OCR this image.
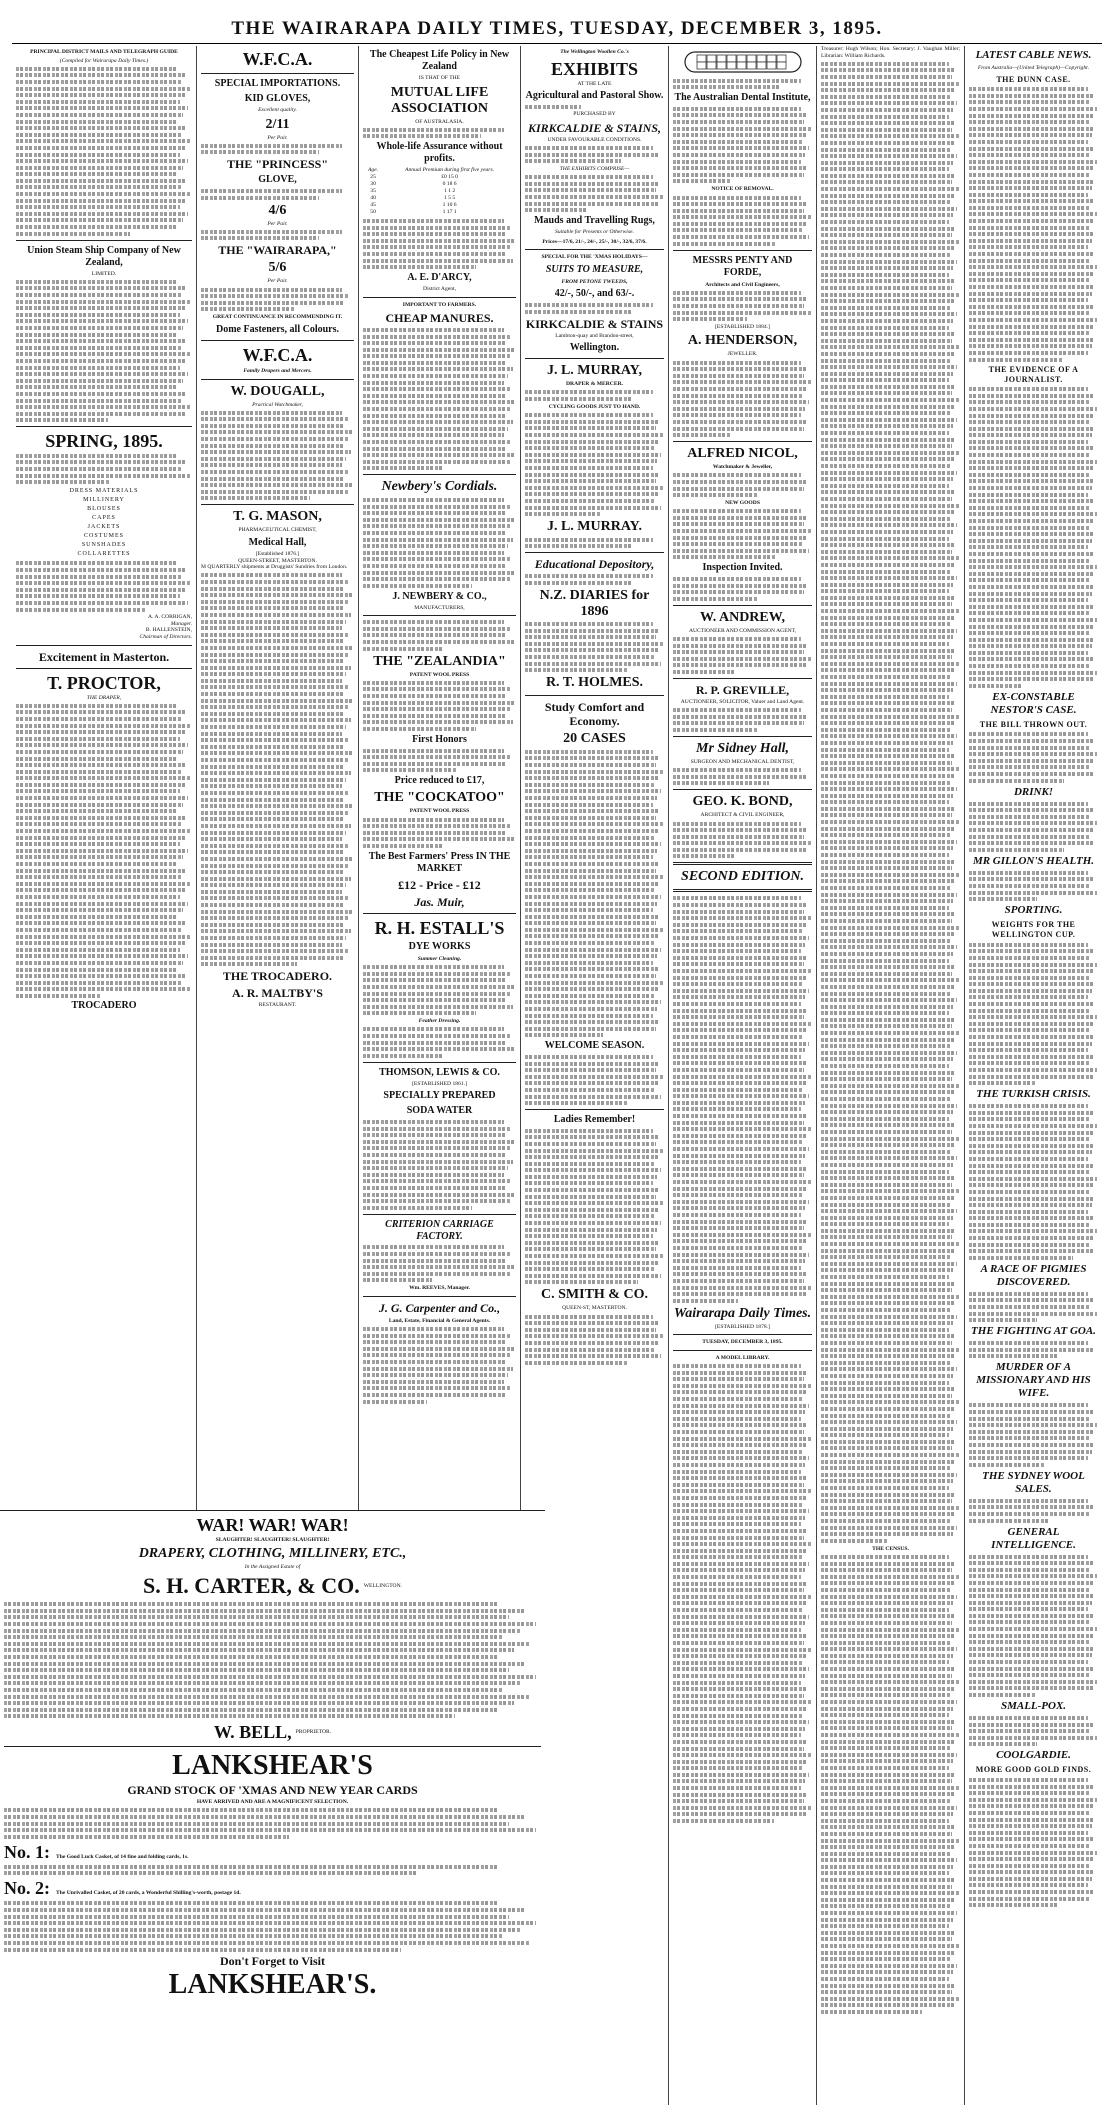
THE WAIRARAPA DAILY TIMES, TUESDAY, DECEMBER 3, 1895.
PRINCIPAL DISTRICT MAILS AND TELEGRAPH GUIDE
(Compiled for Wairarapa Daily Times.)
Union Steam Ship Company of New Zealand,
LIMITED.
SPRING, 1895.
DRESS MATERIALS
MILLINERY
BLOUSES
CAPES
JACKETS
COSTUMES
SUNSHADES
COLLARETTES
A. A. CORRIGAN,
Manager.
B. HALLENSTEIN,
Chairman of Directors.
Excitement in Masterton.
T. PROCTOR,
THE DRAPER,
TROCADERO
W.F.C.A.
SPECIAL IMPORTATIONS.
KID GLOVES,
Excellent quality.
2/11
Per Pair.
THE "PRINCESS"
GLOVE,
4/6
Per Pair.
THE "WAIRARAPA,"
5/6
Per Pair.
GREAT CONTINUANCE IN RECOMMENDING IT.
Dome Fasteners, all Colours.
W.F.C.A.
Family Drapers and Mercers.
W. DOUGALL,
Practical Watchmaker,
T. G. MASON,
PHARMACEUTICAL CHEMIST,
Medical Hall,
[Established 1876.]
QUEEN-STREET, MASTERTON.
M QUARTERLY shipments at Druggists' Sundries from London.
THE TROCADERO.
A. R. MALTBY'S
RESTAURANT.
The Cheapest Life Policy in New Zealand
IS THAT OF THE
MUTUAL LIFE ASSOCIATION
OF AUSTRALASIA.
Whole-life Assurance without profits.
Age.	Annual Premium during first five years.
25	£0 15 0
30	0 18 6
35	1 1 2
40	1 5 5
45	1 10 6
50	1 17 1
A. E. D'ARCY,
District Agent,
IMPORTANT TO FARMERS.
CHEAP MANURES.
Newbery's Cordials.
J. NEWBERY & CO.,
MANUFACTURERS,
THE "ZEALANDIA"
PATENT WOOL PRESS
First Honors
Price reduced to £17,
THE "COCKATOO"
PATENT WOOL PRESS
The Best Farmers' Press IN THE MARKET
£12 - Price - £12
Jas. Muir,
R. H. ESTALL'S
DYE WORKS
Summer Cleaning.
Feather Dressing.
THOMSON, LEWIS & CO.
[ESTABLISHED 1861.]
SPECIALLY PREPARED
SODA WATER
CRITERION CARRIAGE FACTORY.
Wm. REEVES, Manager.
J. G. Carpenter and Co.,
Land, Estate, Financial & General Agents.
The Wellington Woollen Co.'s
EXHIBITS
AT THE LATE
Agricultural and Pastoral Show.
PURCHASED BY
KIRKCALDIE & STAINS,
UNDER FAVOURABLE CONDITIONS.
THE EXHIBITS COMPRISE—
Mauds and Travelling Rugs,
Suitable for Presents or Otherwise.
Prices—17/6, 21/-, 24/-, 25/-, 30/-, 32/6, 37/6.
SPECIAL FOR THE 'XMAS HOLIDAYS—
SUITS TO MEASURE,
FROM PETONE TWEEDS,
42/-, 50/-, and 63/-.
KIRKCALDIE & STAINS
Lambton-quay and Brandon-street,
Wellington.
J. L. MURRAY,
DRAPER & MERCER.
CYCLING GOODS JUST TO HAND.
J. L. MURRAY.
Educational Depository,
N.Z. DIARIES for 1896
R. T. HOLMES.
Study Comfort and Economy.
20 CASES
WELCOME SEASON.
Ladies Remember!
C. SMITH & CO.
QUEEN-ST, MASTERTON.
The Australian Dental Institute,
NOTICE OF REMOVAL.
MESSRS PENTY AND FORDE,
Architects and Civil Engineers,
[ESTABLISHED 1884.]
A. HENDERSON,
JEWELLER.
ALFRED NICOL,
Watchmaker & Jeweller,
NEW GOODS
Inspection Invited.
W. ANDREW,
AUCTIONEER AND COMMISSION AGENT,
R. P. GREVILLE,
AUCTIONEER, SOLICITOR, Valuer and Land Agent.
Mr Sidney Hall,
SURGEON AND MECHANICAL DENTIST,
GEO. K. BOND,
ARCHITECT & CIVIL ENGINEER,
SECOND EDITION.
Wairarapa Daily Times.
[ESTABLISHED 1878.]
TUESDAY, DECEMBER 3, 1895.
A MODEL LIBRARY.
Treasurer: Hugh Wilson; Hon. Secretary: J. Vaughan Miller; Librarian: William Richards.
THE CENSUS.
LATEST CABLE NEWS.
From Australia—(United Telegraph)—Copyright.
THE DUNN CASE.
THE EVIDENCE OF A JOURNALIST.
EX-CONSTABLE NESTOR'S CASE.
THE BILL THROWN OUT.
DRINK!
MR GILLON'S HEALTH.
SPORTING.
WEIGHTS FOR THE WELLINGTON CUP.
THE TURKISH CRISIS.
A RACE OF PIGMIES DISCOVERED.
THE FIGHTING AT GOA.
MURDER OF A MISSIONARY AND HIS WIFE.
THE SYDNEY WOOL SALES.
GENERAL INTELLIGENCE.
SMALL-POX.
COOLGARDIE.
MORE GOOD GOLD FINDS.
WAR! WAR! WAR!
SLAUGHTER! SLAUGHTER! SLAUGHTER!
DRAPERY, CLOTHING, MILLINERY, ETC.,
In the Assigned Estate of
S. H. CARTER, & CO. WELLINGTON.
W. BELL, PROPRIETOR.
LANKSHEAR'S
GRAND STOCK OF 'XMAS AND NEW YEAR CARDS
HAVE ARRIVED AND ARE A MAGNIFICENT SELECTION.
No. 1: The Good Luck Casket, of 14 fine and folding cards, 1s.
No. 2: The Unrivalled Casket, of 20 cards, a Wonderful Shilling's-worth, postage 1d.
Don't Forget to Visit
LANKSHEAR'S.
